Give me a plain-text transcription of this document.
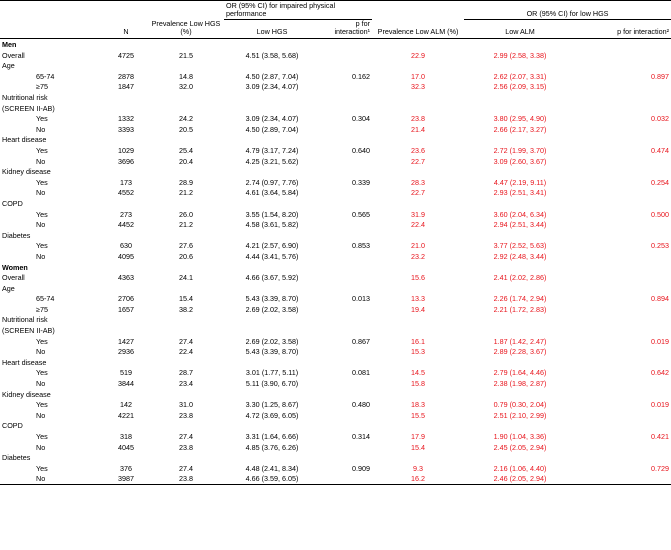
			OR (95% CI) for impaired physical performance			OR (95% CI) for low HGS	
	N	Prevalence Low HGS (%)	Low HGS	p for interaction¹	Prevalence Low ALM (%)	Low ALM	p for interaction²
Men							
Overall	4725	21.5	4.51 (3.58, 5.68)		22.9	2.99 (2.58, 3.38)	
Age							
65-74	2878	14.8	4.50 (2.87, 7.04)	0.162	17.0	2.62 (2.07, 3.31)	0.897
≥75	1847	32.0	3.09 (2.34, 4.07)		32.3	2.56 (2.09, 3.15)	
Nutritional risk							
(SCREEN II-AB)							
Yes	1332	24.2	3.09 (2.34, 4.07)	0.304	23.8	3.80 (2.95, 4.90)	0.032
No	3393	20.5	4.50 (2.89, 7.04)		21.4	2.66 (2.17, 3.27)	
Heart disease							
Yes	1029	25.4	4.79 (3.17, 7.24)	0.640	23.6	2.72 (1.99, 3.70)	0.474
No	3696	20.4	4.25 (3.21, 5.62)		22.7	3.09 (2.60, 3.67)	
Kidney disease							
Yes	173	28.9	2.74 (0.97, 7.76)	0.339	28.3	4.47 (2.19, 9.11)	0.254
No	4552	21.2	4.61 (3.64, 5.84)		22.7	2.93 (2.51, 3.41)	
COPD							
Yes	273	26.0	3.55 (1.54, 8.20)	0.565	31.9	3.60 (2.04, 6.34)	0.500
No	4452	21.2	4.58 (3.61, 5.82)		22.4	2.94 (2.51, 3.44)	
Diabetes							
Yes	630	27.6	4.21 (2.57, 6.90)	0.853	21.0	3.77 (2.52, 5.63)	0.253
No	4095	20.6	4.44 (3.41, 5.76)		23.2	2.92 (2.48, 3.44)	
Women							
Overall	4363	24.1	4.66 (3.67, 5.92)		15.6	2.41 (2.02, 2.86)	
Age							
65-74	2706	15.4	5.43 (3.39, 8.70)	0.013	13.3	2.26 (1.74, 2.94)	0.894
≥75	1657	38.2	2.69 (2.02, 3.58)		19.4	2.21 (1.72, 2.83)	
Nutritional risk							
(SCREEN II-AB)							
Yes	1427	27.4	2.69 (2.02, 3.58)	0.867	16.1	1.87 (1.42, 2.47)	0.019
No	2936	22.4	5.43 (3.39, 8.70)		15.3	2.89 (2.28, 3.67)	
Heart disease							
Yes	519	28.7	3.01 (1.77, 5.11)	0.081	14.5	2.79 (1.64, 4.46)	0.642
No	3844	23.4	5.11 (3.90, 6.70)		15.8	2.38 (1.98, 2.87)	
Kidney disease							
Yes	142	31.0	3.30 (1.25, 8.67)	0.480	18.3	0.79 (0.30, 2.04)	0.019
No	4221	23.8	4.72 (3.69, 6.05)		15.5	2.51 (2.10, 2.99)	
COPD							
Yes	318	27.4	3.31 (1.64, 6.66)	0.314	17.9	1.90 (1.04, 3.36)	0.421
No	4045	23.8	4.85 (3.76, 6.26)		15.4	2.45 (2.05, 2.94)	
Diabetes							
Yes	376	27.4	4.48 (2.41, 8.34)	0.909	9.3	2.16 (1.06, 4.40)	0.729
No	3987	23.8	4.66 (3.59, 6.05)		16.2	2.46 (2.05, 2.94)	
